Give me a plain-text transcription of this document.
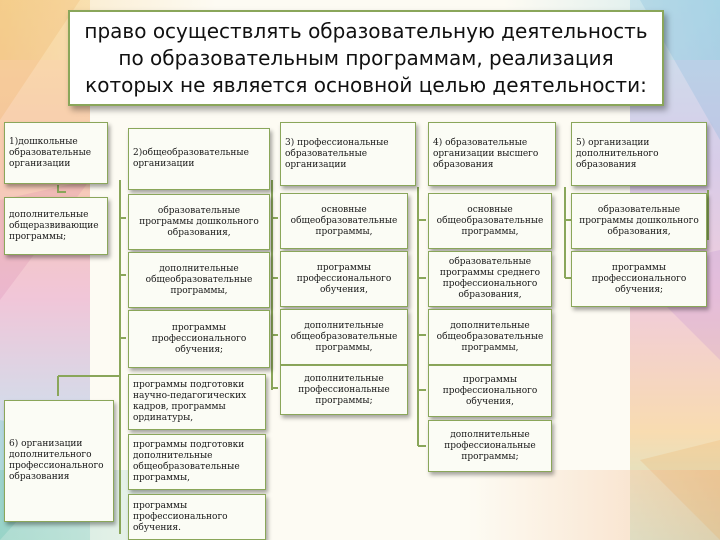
право осуществлять образовательную деятельность по образовательным программам, реализация которых не является основной целью деятельности:
1)дошкольные образовательные организации
дополнительные общеразвивающие программы;
2)общеобразовательные организации
образовательные программы дошкольного образования,
дополнительные общеобразовательные программы,
программы профессионального обучения;
3) профессиональные образовательные организации
основные общеобразовательные программы,
программы профессионального обучения,
дополнительные общеобразовательные программы,
дополнительные профессиональные программы;
4) образовательные организации высшего образования
основные общеобразовательные программы,
образовательные программы среднего профессионального образования,
дополнительные общеобразовательные программы,
программы профессионального обучения,
дополнительные профессиональные программы;
5) организации дополнительного образования
образовательные программы дошкольного образования,
программы профессионального обучения;
6) организации дополнительного профессионального образования
программы подготовки научно-педагогических кадров, программы ординатуры,
программы подготовки дополнительные общеобразовательные программы,
программы профессионального обучения.
